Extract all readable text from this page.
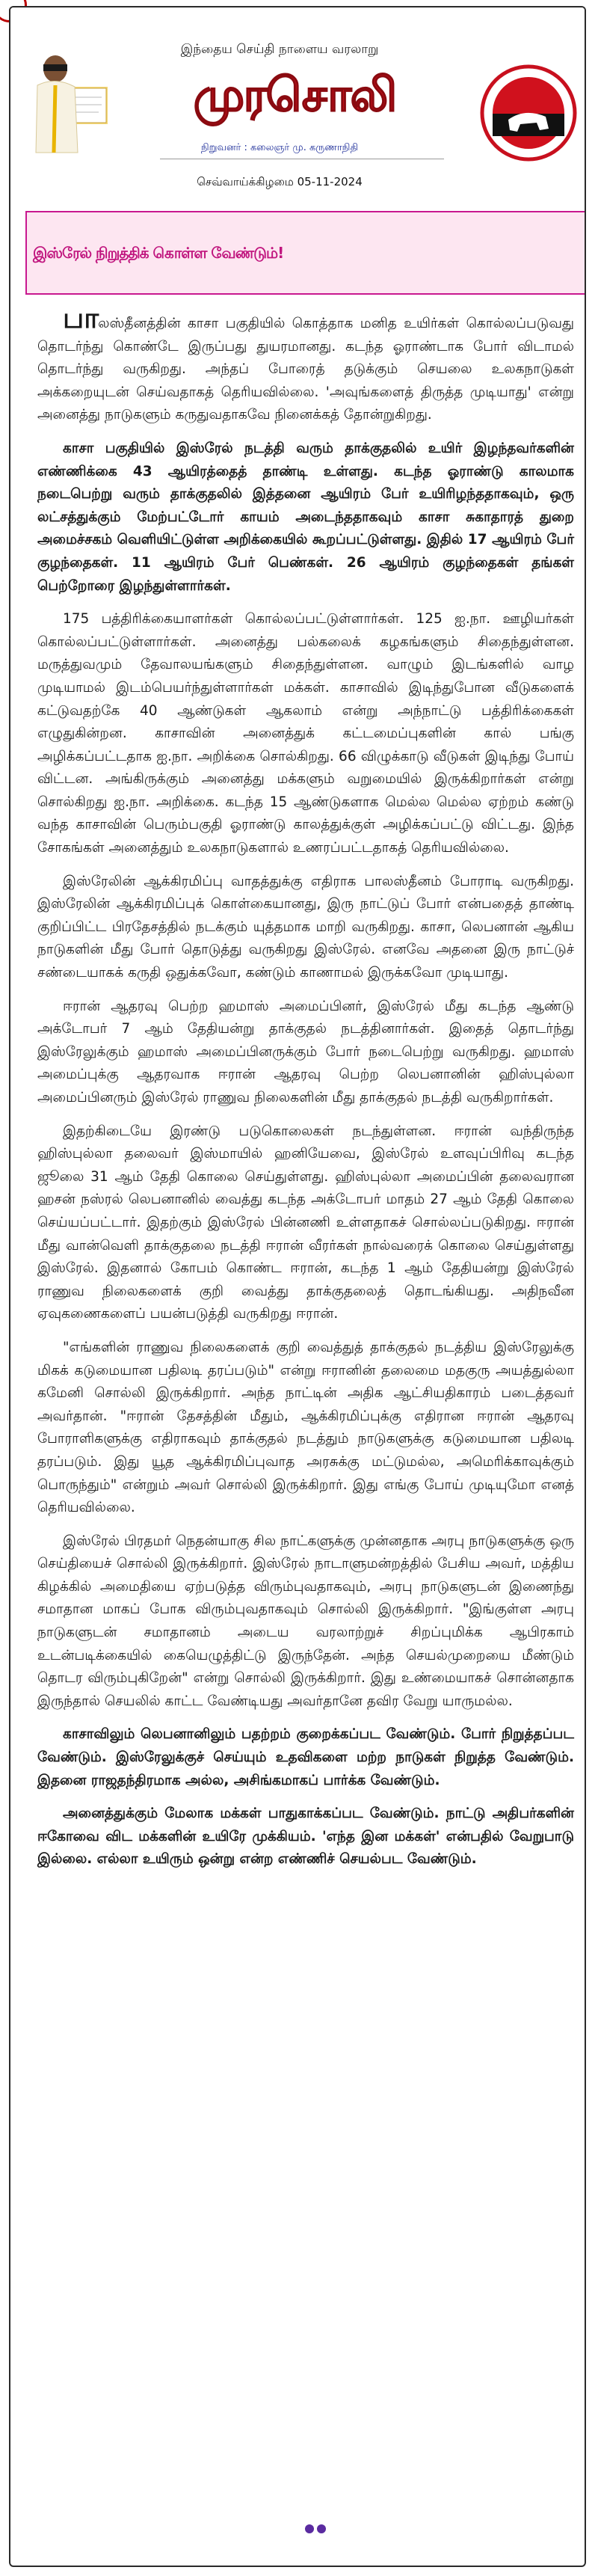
இந்தைய செய்தி நாளைய வரலாறு
முரசொலி
நிறுவனர் : கலைஞர் மு. கருணாநிதி
செவ்வாய்க்கிழமை 05-11-2024
இஸ்ரேல் நிறுத்திக் கொள்ள வேண்டும்!

பாலஸ்தீனத்தின் காசா பகுதியில் கொத்தாக மனித உயிர்கள் கொல்லப்படுவது தொடர்ந்து கொண்டே இருப்பது துயரமானது. கடந்த ஓராண்டாக போர் விடாமல் தொடர்ந்து வருகிறது. அந்தப் போரைத் தடுக்கும் செயலை உலகநாடுகள் அக்கறையுடன் செய்வதாகத் தெரியவில்லை. 'அவுங்களைத் திருத்த முடியாது' என்று அனைத்து நாடுகளும் கருதுவதாகவே நினைக்கத் தோன்றுகிறது.

காசா பகுதியில் இஸ்ரேல் நடத்தி வரும் தாக்குதலில் உயிர் இழந்தவர்களின் எண்ணிக்கை 43 ஆயிரத்தைத் தாண்டி உள்ளது. கடந்த ஓராண்டு காலமாக நடைபெற்று வரும் தாக்குதலில் இத்தனை ஆயிரம் பேர் உயிரிழந்ததாகவும், ஒரு லட்சத்துக்கும் மேற்பட்டோர் காயம் அடைந்ததாகவும் காசா சுகாதாரத் துறை அமைச்சகம் வெளியிட்டுள்ள அறிக்கையில் கூறப்பட்டுள்ளது. இதில் 17 ஆயிரம் பேர் குழந்தைகள். 11 ஆயிரம் பேர் பெண்கள். 26 ஆயிரம் குழந்தைகள் தங்கள் பெற்றோரை இழந்துள்ளார்கள்.

175 பத்திரிக்கையாளர்கள் கொல்லப்பட்டுள்ளார்கள். 125 ஐ.நா. ஊழியர்கள் கொல்லப்பட்டுள்ளார்கள். அனைத்து பல்கலைக் கழகங்களும் சிதைந்துள்ளன. மருத்துவமும் தேவாலயங்களும் சிதைந்துள்ளன. வாழும் இடங்களில் வாழ முடியாமல் இடம்பெயர்ந்துள்ளார்கள் மக்கள். காசாவில் இடிந்துபோன வீடுகளைக் கட்டுவதற்கே 40 ஆண்டுகள் ஆகலாம் என்று அந்நாட்டு பத்திரிக்கைகள் எழுதுகின்றன. காசாவின் அனைத்துக் கட்டமைப்புகளின் கால் பங்கு அழிக்கப்பட்டதாக ஐ.நா. அறிக்கை சொல்கிறது. 66 விழுக்காடு வீடுகள் இடிந்து போய் விட்டன. அங்கிருக்கும் அனைத்து மக்களும் வறுமையில் இருக்கிறார்கள் என்று சொல்கிறது ஐ.நா. அறிக்கை. கடந்த 15 ஆண்டுகளாக மெல்ல மெல்ல ஏற்றம் கண்டு வந்த காசாவின் பெரும்பகுதி ஓராண்டு காலத்துக்குள் அழிக்கப்பட்டு விட்டது. இந்த சோகங்கள் அனைத்தும் உலகநாடுகளால் உணரப்பட்டதாகத் தெரியவில்லை.

இஸ்ரேலின் ஆக்கிரமிப்பு வாதத்துக்கு எதிராக பாலஸ்தீனம் போராடி வருகிறது. இஸ்ரேலின் ஆக்கிரமிப்புக் கொள்கையானது, இரு நாட்டுப் போர் என்பதைத் தாண்டி குறிப்பிட்ட பிரதேசத்தில் நடக்கும் யுத்தமாக மாறி வருகிறது. காசா, லெபனான் ஆகிய நாடுகளின் மீது போர் தொடுத்து வருகிறது இஸ்ரேல். எனவே அதனை இரு நாட்டுச் சண்டையாகக் கருதி ஒதுக்கவோ, கண்டும் காணாமல் இருக்கவோ முடியாது.

ஈரான் ஆதரவு பெற்ற ஹமாஸ் அமைப்பினர், இஸ்ரேல் மீது கடந்த ஆண்டு அக்டோபர் 7 ஆம் தேதியன்று தாக்குதல் நடத்தினார்கள். இதைத் தொடர்ந்து இஸ்ரேலுக்கும் ஹமாஸ் அமைப்பினருக்கும் போர் நடைபெற்று வருகிறது. ஹமாஸ் அமைப்புக்கு ஆதரவாக ஈரான் ஆதரவு பெற்ற லெபனானின் ஹிஸ்புல்லா அமைப்பினரும் இஸ்ரேல் ராணுவ நிலைகளின் மீது தாக்குதல் நடத்தி வருகிறார்கள்.

இதற்கிடையே இரண்டு படுகொலைகள் நடந்துள்ளன. ஈரான் வந்திருந்த ஹிஸ்புல்லா தலைவர் இஸ்மாயில் ஹனியேவை, இஸ்ரேல் உளவுப்பிரிவு கடந்த ஜூலை 31 ஆம் தேதி கொலை செய்துள்ளது. ஹிஸ்புல்லா அமைப்பின் தலைவரான ஹசன் நஸ்ரல் லெபனானில் வைத்து கடந்த அக்டோபர் மாதம் 27 ஆம் தேதி கொலை செய்யப்பட்டார். இதற்கும் இஸ்ரேல் பின்னணி உள்ளதாகச் சொல்லப்படுகிறது. ஈரான் மீது வான்வெளி தாக்குதலை நடத்தி ஈரான் வீரர்கள் நால்வரைக் கொலை செய்துள்ளது இஸ்ரேல். இதனால் கோபம் கொண்ட ஈரான், கடந்த 1 ஆம் தேதியன்று இஸ்ரேல் ராணுவ நிலைகளைக் குறி வைத்து தாக்குதலைத் தொடங்கியது. அதிநவீன ஏவுகணைகளைப் பயன்படுத்தி வருகிறது ஈரான்.

"எங்களின் ராணுவ நிலைகளைக் குறி வைத்துத் தாக்குதல் நடத்திய இஸ்ரேலுக்கு மிகக் கடுமையான பதிலடி தரப்படும்" என்று ஈரானின் தலைமை மதகுரு அயத்துல்லா கமேனி சொல்லி இருக்கிறார். அந்த நாட்டின் அதிக ஆட்சியதிகாரம் படைத்தவர் அவர்தான். "ஈரான் தேசத்தின் மீதும், ஆக்கிரமிப்புக்கு எதிரான ஈரான் ஆதரவு போராளிகளுக்கு எதிராகவும் தாக்குதல் நடத்தும் நாடுகளுக்கு கடுமையான பதிலடி தரப்படும். இது யூத ஆக்கிரமிப்புவாத அரசுக்கு மட்டுமல்ல, அமெரிக்காவுக்கும் பொருந்தும்" என்றும் அவர் சொல்லி இருக்கிறார். இது எங்கு போய் முடியுமோ எனத் தெரியவில்லை.

இஸ்ரேல் பிரதமர் நெதன்யாகு சில நாட்களுக்கு முன்னதாக அரபு நாடுகளுக்கு ஒரு செய்தியைச் சொல்லி இருக்கிறார். இஸ்ரேல் நாடாளுமன்றத்தில் பேசிய அவர், மத்திய கிழக்கில் அமைதியை ஏற்படுத்த விரும்புவதாகவும், அரபு நாடுகளுடன் இணைந்து சமாதான மாகப் போக விரும்புவதாகவும் சொல்லி இருக்கிறார். "இங்குள்ள அரபு நாடுகளுடன் சமாதானம் அடைய வரலாற்றுச் சிறப்புமிக்க ஆபிரகாம் உடன்படிக்கையில் கையெழுத்திட்டு இருந்தேன். அந்த செயல்முறையை மீண்டும் தொடர விரும்புகிறேன்" என்று சொல்லி இருக்கிறார். இது உண்மையாகச் சொன்னதாக இருந்தால் செயலில் காட்ட வேண்டியது அவர்தானே தவிர வேறு யாருமல்ல.

காசாவிலும் லெபனானிலும் பதற்றம் குறைக்கப்பட வேண்டும். போர் நிறுத்தப்பட வேண்டும். இஸ்ரேலுக்குச் செய்யும் உதவிகளை மற்ற நாடுகள் நிறுத்த வேண்டும். இதனை ராஜதந்திரமாக அல்ல, அசிங்கமாகப் பார்க்க வேண்டும்.

அனைத்துக்கும் மேலாக மக்கள் பாதுகாக்கப்பட வேண்டும். நாட்டு அதிபர்களின் ஈகோவை விட மக்களின் உயிரே முக்கியம். 'எந்த இன மக்கள்' என்பதில் வேறுபாடு இல்லை. எல்லா உயிரும் ஒன்று என்ற எண்ணிச் செயல்பட வேண்டும்.
